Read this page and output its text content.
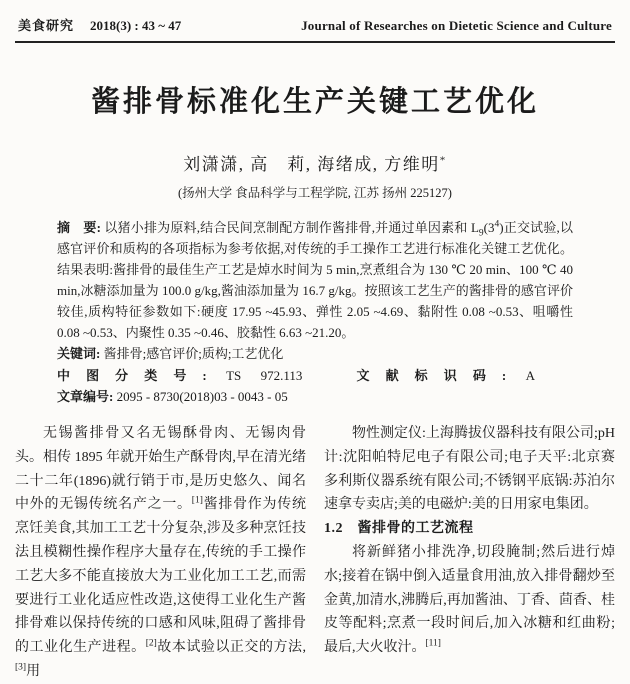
美食研究 2018(3) : 43 ~ 47	Journal of Researches on Dietetic Science and Culture
酱排骨标准化生产关键工艺优化
刘潇潇, 高　莉, 海绪成, 方维明*
(扬州大学 食品科学与工程学院, 江苏 扬州 225127)

摘　要: 以猪小排为原料,结合民间烹制配方制作酱排骨,并通过单因素和 $L_9(3^4)$正交试验,以感官评价和质构的各项指标为参考依据,对传统的手工操作工艺进行标准化关键工艺优化。结果表明:酱排骨的最佳生产工艺是焯水时间为 5 min,烹煮组合为 130 ℃ 20 min、100 ℃ 40 min,冰糖添加量为 100.0 g/kg,酱油添加量为 16.7 g/kg。按照该工艺生产的酱排骨的感官评价较佳,质构特征参数如下:硬度 17.95 ~45.93、弹性 2.05 ~4.69、黏附性 0.08 ~0.53、咀嚼性 0.08 ~0.53、内聚性 0.35 ~0.46、胶黏性 6.63 ~21.20。

关键词: 酱排骨;感官评价;质构;工艺优化

中图分类号: TS 972.113	文献标识码: A文章编号: 2095 - 8730(2018)03 - 0043 - 05

无锡酱排骨又名无锡酥骨肉、无锡肉骨头。相传 1895 年就开始生产酥骨肉,早在清光绪二十二年(1896)就行销于市,是历史悠久、闻名中外的无锡传统名产之一。[1]酱排骨作为传统烹饪美食,其加工工艺十分复杂,涉及多种烹饪技法且模糊性操作程序大量存在,传统的手工操作工艺大多不能直接放大为工业化加工工艺,而需要进行工业化适应性改造,这使得工业化生产酱排骨难以保持传统的口感和风味,阻碍了酱排骨的工业化生产进程。[2]故本试验以正交的方法,[3]用

物性测定仪:上海腾拔仪器科技有限公司;pH 计:沈阳帕特尼电子有限公司;电子天平:北京赛多利斯仪器系统有限公司;不锈钢平底锅:苏泊尔速拿专卖店;美的电磁炉:美的日用家电集团。

1.2　酱排骨的工艺流程

将新鲜猪小排洗净,切段腌制;然后进行焯水;接着在锅中倒入适量食用油,放入排骨翻炒至金黄,加清水,沸腾后,再加酱油、丁香、茴香、桂皮等配料;烹煮一段时间后,加入冰糖和红曲粉;最后,大火收汁。[11]
